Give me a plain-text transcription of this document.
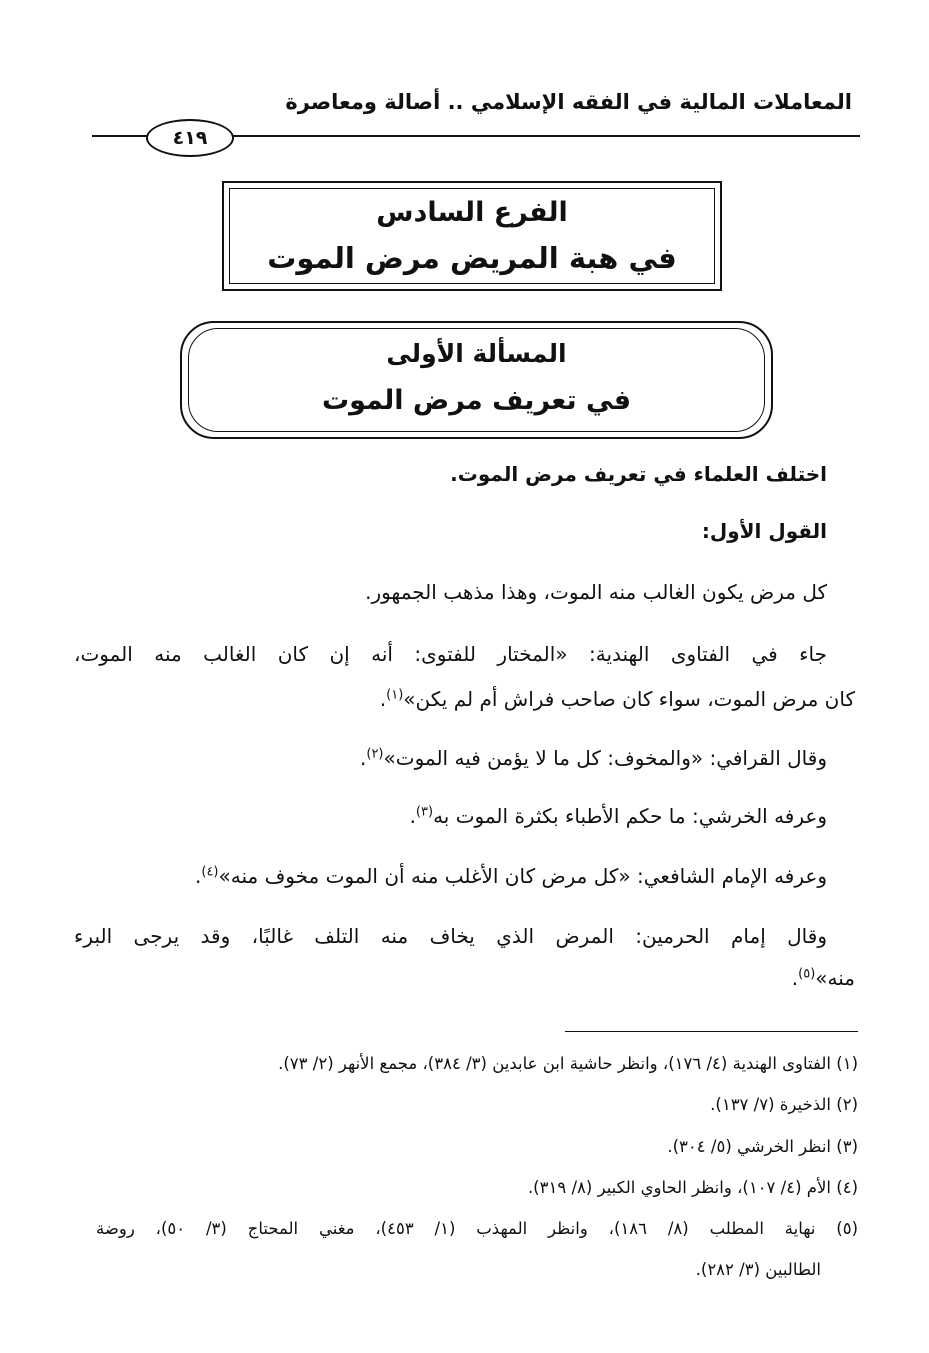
المعاملات المالية في الفقه الإسلامي .. أصالة ومعاصرة
٤١٩
الفرع السادس
في هبة المريض مرض الموت
المسألة الأولى
في تعريف مرض الموت
اختلف العلماء في تعريف مرض الموت.
القول الأول:
كل مرض يكون الغالب منه الموت، وهذا مذهب الجمهور.
جاء في الفتاوى الهندية: «المختار للفتوى: أنه إن كان الغالب منه الموت،
كان مرض الموت، سواء كان صاحب فراش أم لم يكن»$^{(١)}$.
وقال القرافي: «والمخوف: كل ما لا يؤمن فيه الموت»$^{(٢)}$.
وعرفه الخرشي: ما حكم الأطباء بكثرة الموت به$^{(٣)}$.
وعرفه الإمام الشافعي: «كل مرض كان الأغلب منه أن الموت مخوف منه»$^{(٤)}$.
وقال إمام الحرمين: المرض الذي يخاف منه التلف غالبًا، وقد يرجى البرء
منه»$^{(٥)}$.
(١) الفتاوى الهندية (٤/ ١٧٦)، وانظر حاشية ابن عابدين (٣/ ٣٨٤)، مجمع الأنهر (٢/ ٧٣).
(٢) الذخيرة (٧/ ١٣٧).
(٣) انظر الخرشي (٥/ ٣٠٤).
(٤) الأم (٤/ ١٠٧)، وانظر الحاوي الكبير (٨/ ٣١٩).
(٥) نهاية المطلب (٨/ ١٨٦)، وانظر المهذب (١/ ٤٥٣)، مغني المحتاج (٣/ ٥٠)، روضة
الطالبين (٣/ ٢٨٢).
